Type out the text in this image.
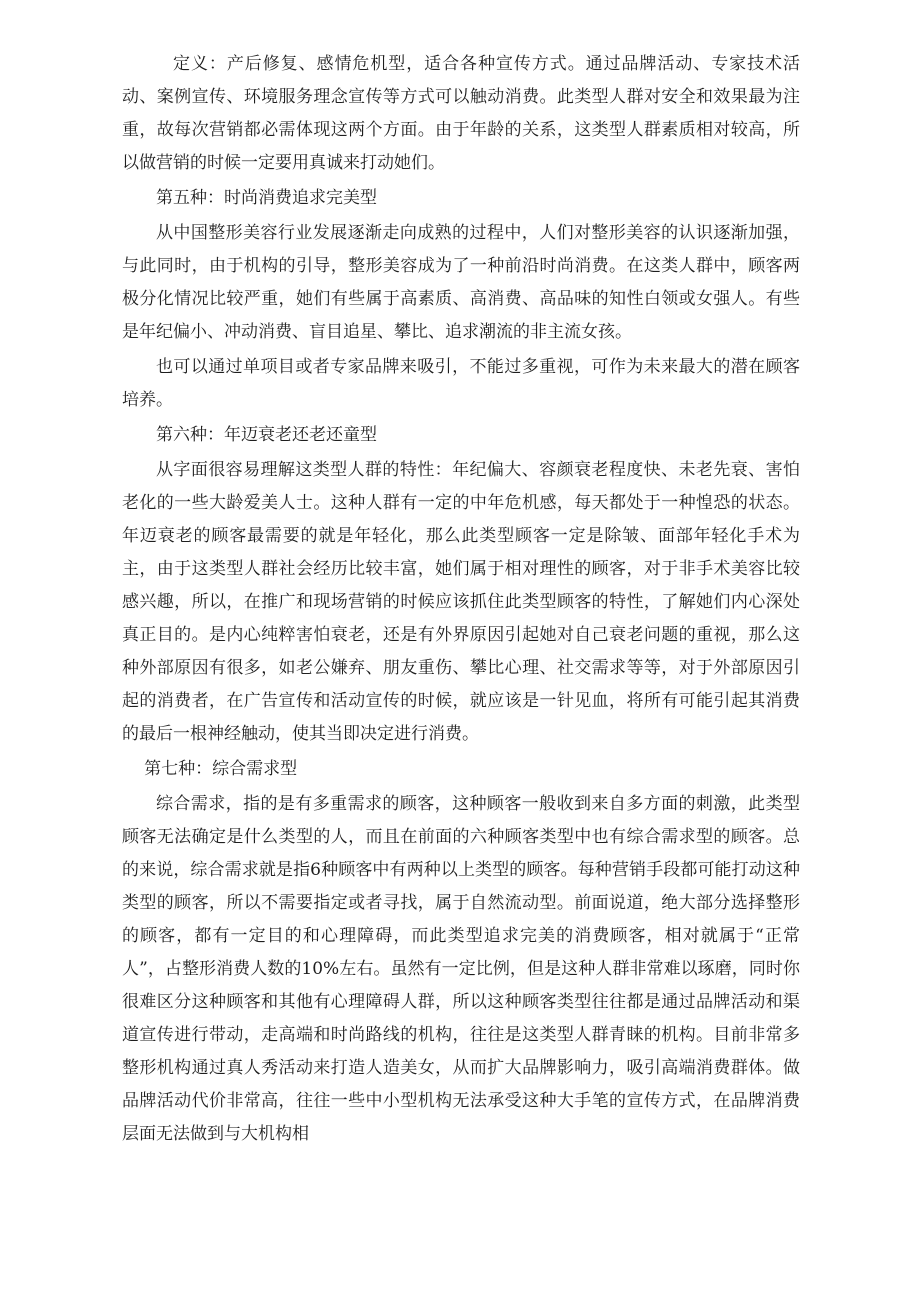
定义：产后修复、感情危机型，适合各种宣传方式。通过品牌活动、专家技术活动、案例宣传、环境服务理念宣传等方式可以触动消费。此类型人群对安全和效果最为注重，故每次营销都必需体现这两个方面。由于年龄的关系，这类型人群素质相对较高，所以做营销的时候一定要用真诚来打动她们。

第五种：时尚消费追求完美型

从中国整形美容行业发展逐渐走向成熟的过程中，人们对整形美容的认识逐渐加强，与此同时，由于机构的引导，整形美容成为了一种前沿时尚消费。在这类人群中，顾客两极分化情况比较严重，她们有些属于高素质、高消费、高品味的知性白领或女强人。有些是年纪偏小、冲动消费、盲目追星、攀比、追求潮流的非主流女孩。

也可以通过单项目或者专家品牌来吸引，不能过多重视，可作为未来最大的潜在顾客培养。

第六种：年迈衰老还老还童型

从字面很容易理解这类型人群的特性：年纪偏大、容颜衰老程度快、未老先衰、害怕老化的一些大龄爱美人士。这种人群有一定的中年危机感，每天都处于一种惶恐的状态。年迈衰老的顾客最需要的就是年轻化，那么此类型顾客一定是除皱、面部年轻化手术为主，由于这类型人群社会经历比较丰富，她们属于相对理性的顾客，对于非手术美容比较感兴趣，所以，在推广和现场营销的时候应该抓住此类型顾客的特性，了解她们内心深处真正目的。是内心纯粹害怕衰老，还是有外界原因引起她对自己衰老问题的重视，那么这种外部原因有很多，如老公嫌弃、朋友重伤、攀比心理、社交需求等等，对于外部原因引起的消费者，在广告宣传和活动宣传的时候，就应该是一针见血，将所有可能引起其消费的最后一根神经触动，使其当即决定进行消费。

第七种：综合需求型

综合需求，指的是有多重需求的顾客，这种顾客一般收到来自多方面的刺激，此类型顾客无法确定是什么类型的人，而且在前面的六种顾客类型中也有综合需求型的顾客。总的来说，综合需求就是指6种顾客中有两种以上类型的顾客。每种营销手段都可能打动这种类型的顾客，所以不需要指定或者寻找，属于自然流动型。前面说道，绝大部分选择整形的顾客，都有一定目的和心理障碍，而此类型追求完美的消费顾客，相对就属于“正常人”，占整形消费人数的10%左右。虽然有一定比例，但是这种人群非常难以琢磨，同时你很难区分这种顾客和其他有心理障碍人群，所以这种顾客类型往往都是通过品牌活动和渠道宣传进行带动，走高端和时尚路线的机构，往往是这类型人群青睐的机构。目前非常多整形机构通过真人秀活动来打造人造美女，从而扩大品牌影响力，吸引高端消费群体。做品牌活动代价非常高，往往一些中小型机构无法承受这种大手笔的宣传方式，在品牌消费层面无法做到与大机构相
